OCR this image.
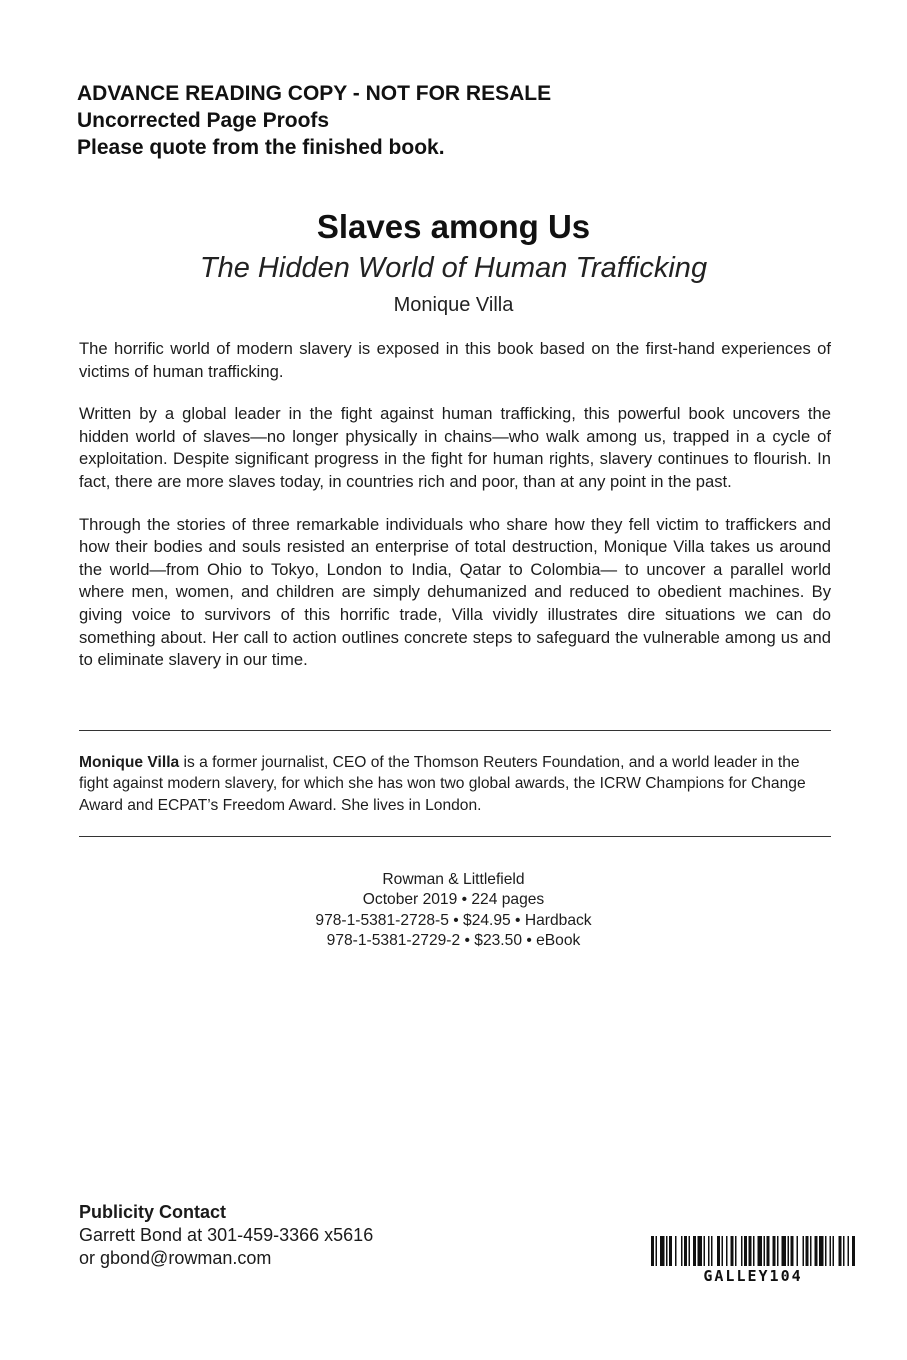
ADVANCE READING COPY - NOT FOR RESALE
Uncorrected Page Proofs
Please quote from the finished book.
Slaves among Us
The Hidden World of Human Trafficking
Monique Villa

The horrific world of modern slavery is exposed in this book based on the first-hand experiences of victims of human trafficking.

Written by a global leader in the fight against human trafficking, this powerful book uncovers the hidden world of slaves—no longer physically in chains—who walk among us, trapped in a cycle of exploitation. Despite significant progress in the fight for human rights, slavery continues to flourish. In fact, there are more slaves today, in countries rich and poor, than at any point in the past.

Through the stories of three remarkable individuals who share how they fell victim to traffickers and how their bodies and souls resisted an enterprise of total destruction, Monique Villa takes us around the world—from Ohio to Tokyo, London to India, Qatar to Colombia— to uncover a parallel world where men, women, and children are simply dehumanized and reduced to obedient machines. By giving voice to survivors of this horrific trade, Villa vividly illustrates dire situations we can do something about. Her call to action outlines concrete steps to safeguard the vulnerable among us and to eliminate slavery in our time.

Monique Villa is a former journalist, CEO of the Thomson Reuters Foundation, and a world leader in the fight against modern slavery, for which she has won two global awards, the ICRW Champions for Change Award and ECPAT’s Freedom Award. She lives in London.
Rowman & Littlefield
October 2019 • 224 pages
978-1-5381-2728-5 • $24.95 • Hardback
978-1-5381-2729-2 • $23.50 • eBook
Publicity Contact
Garrett Bond at 301-459-3366 x5616
or gbond@rowman.com
GALLEY104
